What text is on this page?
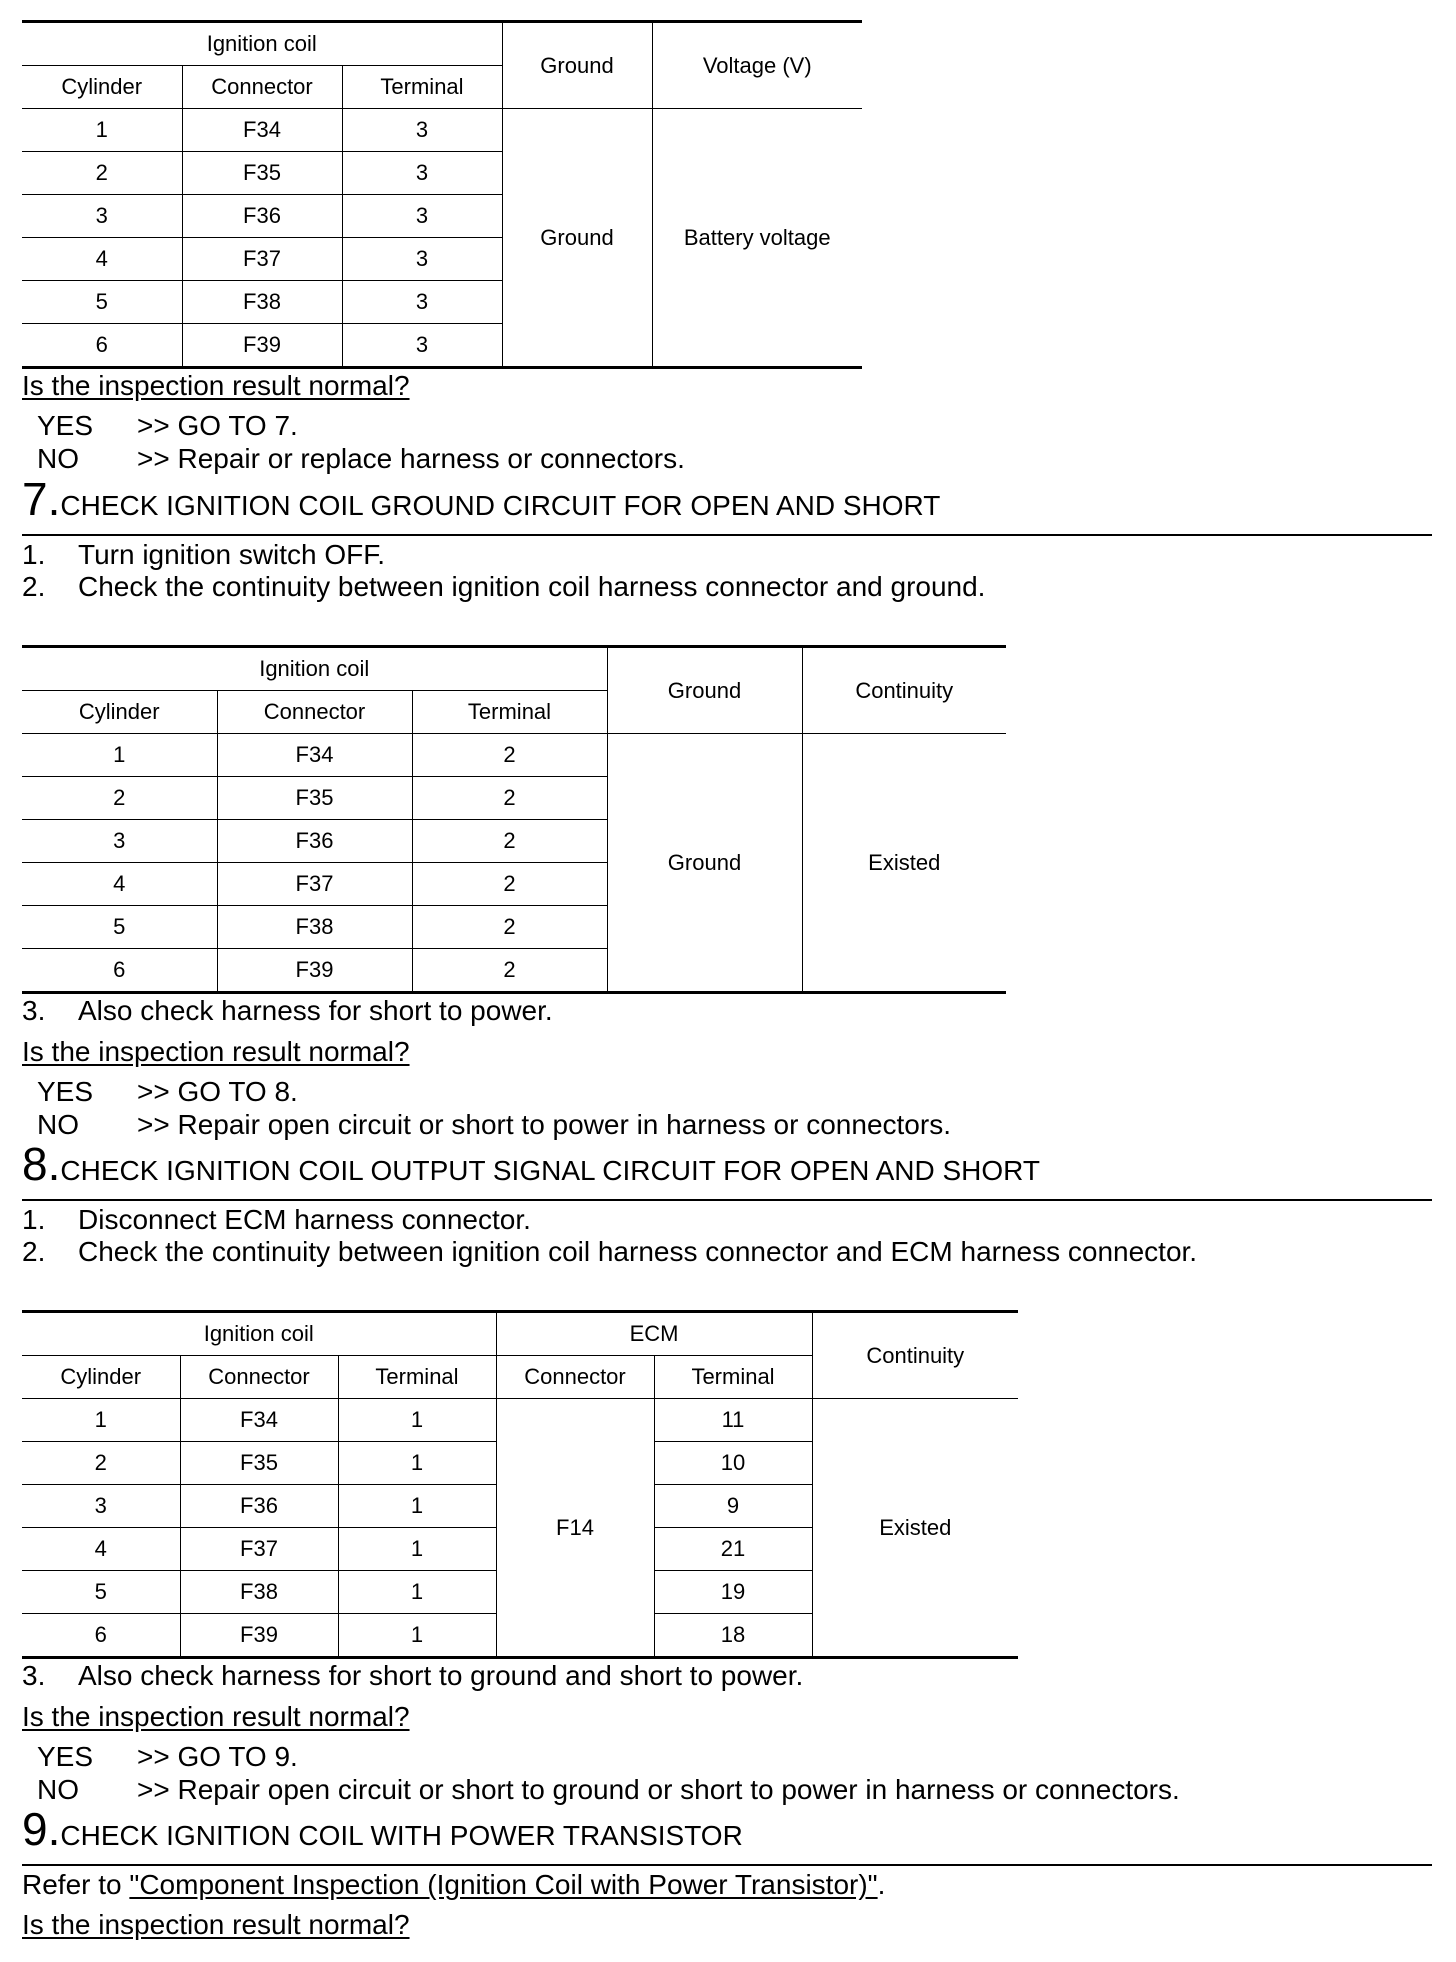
Ignition coil			Ground	Voltage (V)
Cylinder	Connector	Terminal		
1	F34	3	Ground	Battery voltage
2	F35	3		
3	F36	3		
4	F37	3		
5	F38	3		
6	F39	3		
Is the inspection result normal?
YES	>> GO TO 7.
NO	>> Repair or replace harness or connectors.
7. CHECK IGNITION COIL GROUND CIRCUIT FOR OPEN AND SHORT
1.	Turn ignition switch OFF.
2.	Check the continuity between ignition coil harness connector and ground.
Ignition coil			Ground	Continuity
Cylinder	Connector	Terminal		
1	F34	2	Ground	Existed
2	F35	2		
3	F36	2		
4	F37	2		
5	F38	2		
6	F39	2		
3.	Also check harness for short to power.
Is the inspection result normal?
YES	>> GO TO 8.
NO	>> Repair open circuit or short to power in harness or connectors.
8. CHECK IGNITION COIL OUTPUT SIGNAL CIRCUIT FOR OPEN AND SHORT
1.	Disconnect ECM harness connector.
2.	Check the continuity between ignition coil harness connector and ECM harness connector.
Ignition coil			ECM		Continuity
Cylinder	Connector	Terminal	Connector	Terminal	
1	F34	1	F14	11	Existed
2	F35	1		10	
3	F36	1		9	
4	F37	1		21	
5	F38	1		19	
6	F39	1		18	
3.	Also check harness for short to ground and short to power.
Is the inspection result normal?
YES	>> GO TO 9.
NO	>> Repair open circuit or short to ground or short to power in harness or connectors.
9. CHECK IGNITION COIL WITH POWER TRANSISTOR
Refer to "Component Inspection (Ignition Coil with Power Transistor)".
Is the inspection result normal?
